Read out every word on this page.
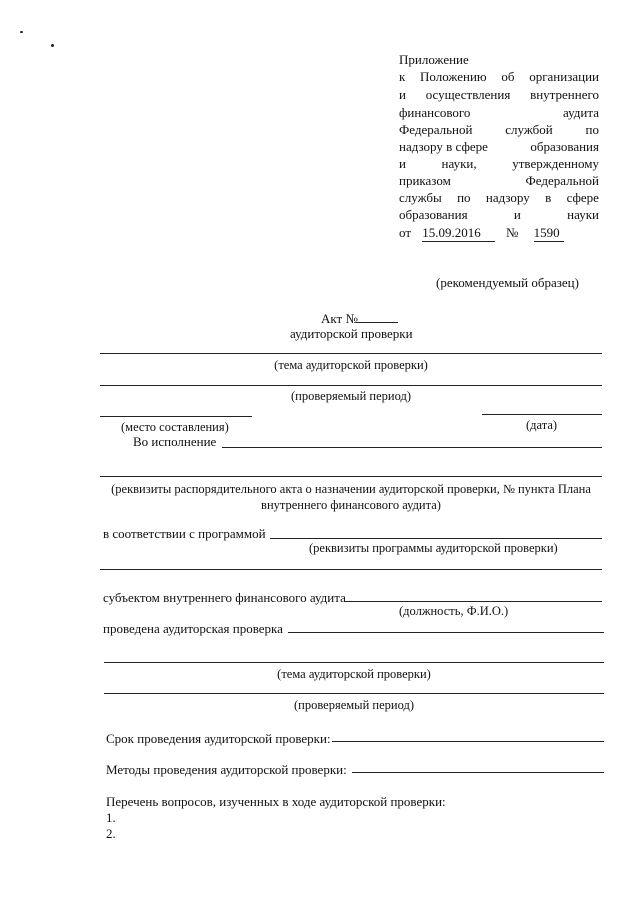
Приложение
к Положению об организации
и осуществления внутреннего
финансового	аудита
Федеральной	службой	по
надзору в сфере	образования
и	науки,	утвержденному
приказом	Федеральной
службы по надзору в сфере
образования	и	науки
от 15.09.2016 № 1590
(рекомендуемый образец)
Акт №
аудиторской проверки
(тема аудиторской проверки)
(проверяемый период)
(место составления)	(дата)
Во исполнение
(реквизиты распорядительного акта о назначении аудиторской проверки, № пункта Плана внутреннего финансового аудита)
в соответствии с программой
(реквизиты программы аудиторской проверки)
субъектом внутреннего финансового аудита
(должность, Ф.И.О.)
проведена аудиторская проверка
(тема аудиторской проверки)
(проверяемый период)
Срок проведения аудиторской проверки:
Методы проведения аудиторской проверки:
Перечень вопросов, изученных в ходе аудиторской проверки:
1.
2.
